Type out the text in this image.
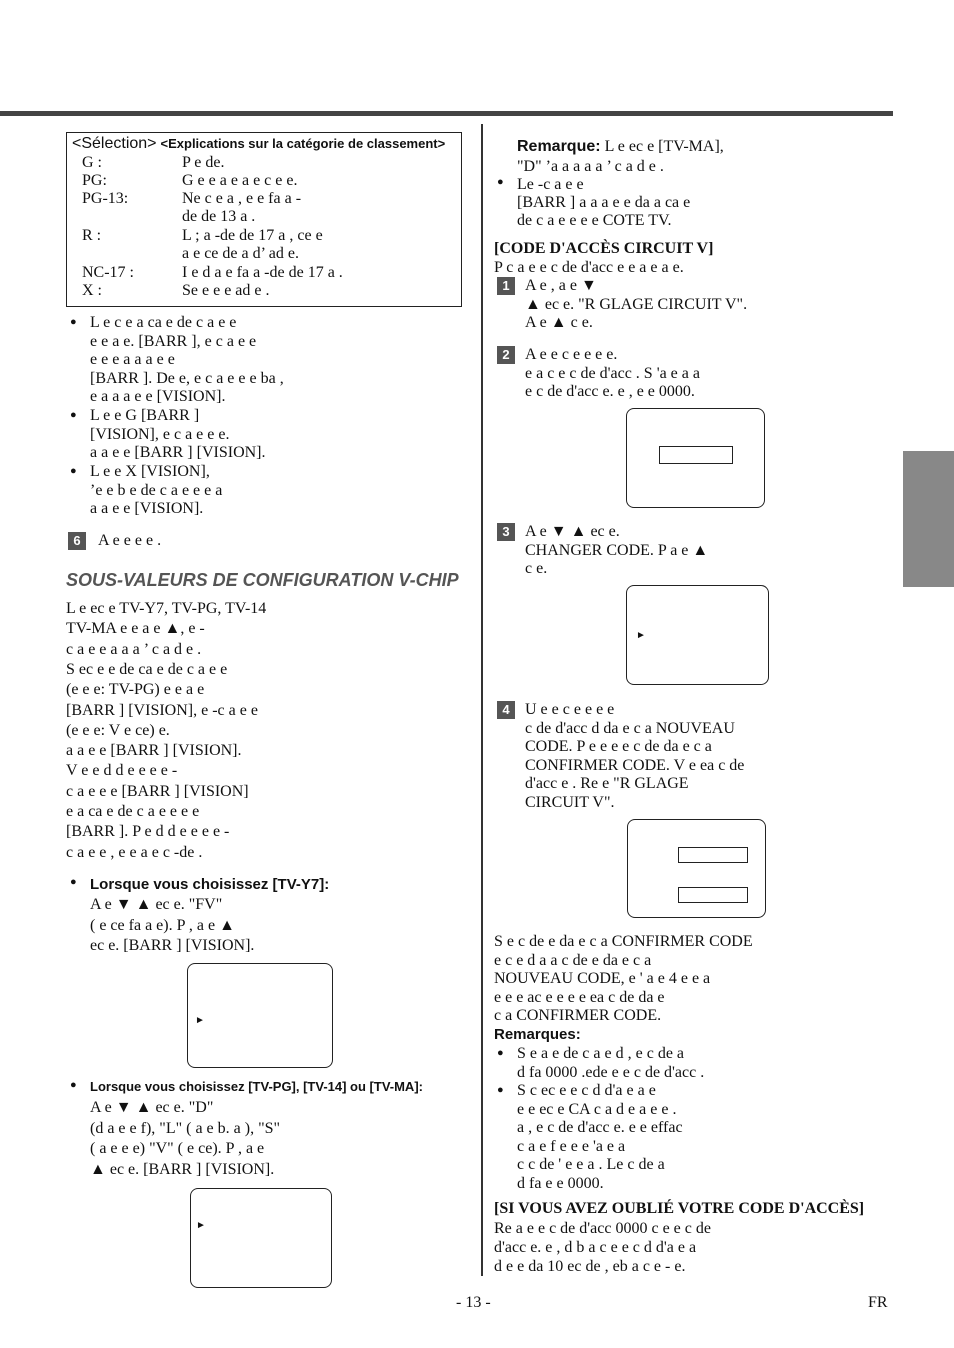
<Sélection> <Explications sur la catégorie de classement>
G :	P e de.
PG:	G e e a e a e c e e.
PG-13:	Ne c e a , e e fa a -
de de 13 a .
R :	L ; a -de de 17 a , ce e
a e ce de a d’ ad e.
NC-17 :	I e d a e fa a -de de 17 a .
X :	Se e e e ad e .
● L e c e a ca e de c a e e
e e a e. [BARR ], e c a e e
e e e a a a e e
[BARR ]. De e, e c a e e e ba ,
e a a a e e [VISION].
● L e e G [BARR ]
[VISION], e c a e e e.
a a e e [BARR ] [VISION].
● L e e X [VISION],
’e e b e de c a e e e a
a a e e [VISION].
6	A e e e e .
SOUS-VALEURS DE CONFIGURATION V-CHIP
L e ec e TV-Y7, TV-PG, TV-14
TV-MA e e a e ▲, e -
c a e e a a a ’ c a d e .
S ec e e de ca e de c a e e
(e e e: TV-PG) e e a e
[BARR ] [VISION], e -c a e e
(e e e: V e ce) e.
a a e e [BARR ] [VISION].
V e e d d e e e e -
c a e e e [BARR ] [VISION]
e a ca e de c a e e e e
[BARR ]. P e d d e e e e -
c a e e , e e a e c -de .
● Lorsque vous choisissez [TV-Y7]:
A e ▼ ▲ ec e. "FV"
( e ce fa a e). P , a e ▲
ec e. [BARR ] [VISION].
►
● Lorsque vous choisissez [TV-PG], [TV-14] ou [TV-MA]:
A e ▼ ▲ ec e. "D"
(d a e e f), "L" ( a e b. a ), "S"
( a e e e) "V" ( e ce). P , a e
▲ ec e. [BARR ] [VISION].
►
Remarque: L e ec e [TV-MA],
"D" ’a a a a a ’ c a d e .
Le -c a e e
[BARR ] a a a e e da a ca e
de c a e e e e COTE TV.
[CODE D'ACCÈS CIRCUIT V]
P c a e e c de d'acc e e a e a e.
1 A e , a e ▼
▲ ec e. "R GLAGE CIRCUIT V".
A e ▲ c e.
2 A e e c e e e e.
e a c e c de d'acc . S 'a e a a
e c de d'acc e. e , e e 0000.
3 A e ▼ ▲ ec e.
CHANGER CODE. P a e ▲
c e.
4 U e e c e e e e
c de d'acc d da e c a NOUVEAU
CODE. P e e e e c de da e c a
CONFIRMER CODE. V e ea c de
d'acc e . Re e "R GLAGE
CIRCUIT V".
►
S e c de e da e c a CONFIRMER CODE
e c e d a a c de e da e c a
NOUVEAU CODE, e ' a e 4 e e a
e e e ac e e e e ea c de da e
c a CONFIRMER CODE.
Remarques:
● S e a e de c a e d , e c de a
d fa 0000 .ede e e c de d'acc .
● S c ec e e c d d'a e a e
e e ec e CA c a d e a e e .
a , e c de d'acc e. e e effac
c a e f e e e 'a e a
c c de ' e e a . Le c de a
d fa e e 0000.
[SI VOUS AVEZ OUBLIÉ VOTRE CODE D'ACCÈS]
Re a e e c de d'acc 0000 c e e c de
d'acc e. e , d b a c e e c d d'a e a
d e e da 10 ec de , eb a c e - e.
- 13 -	FR
